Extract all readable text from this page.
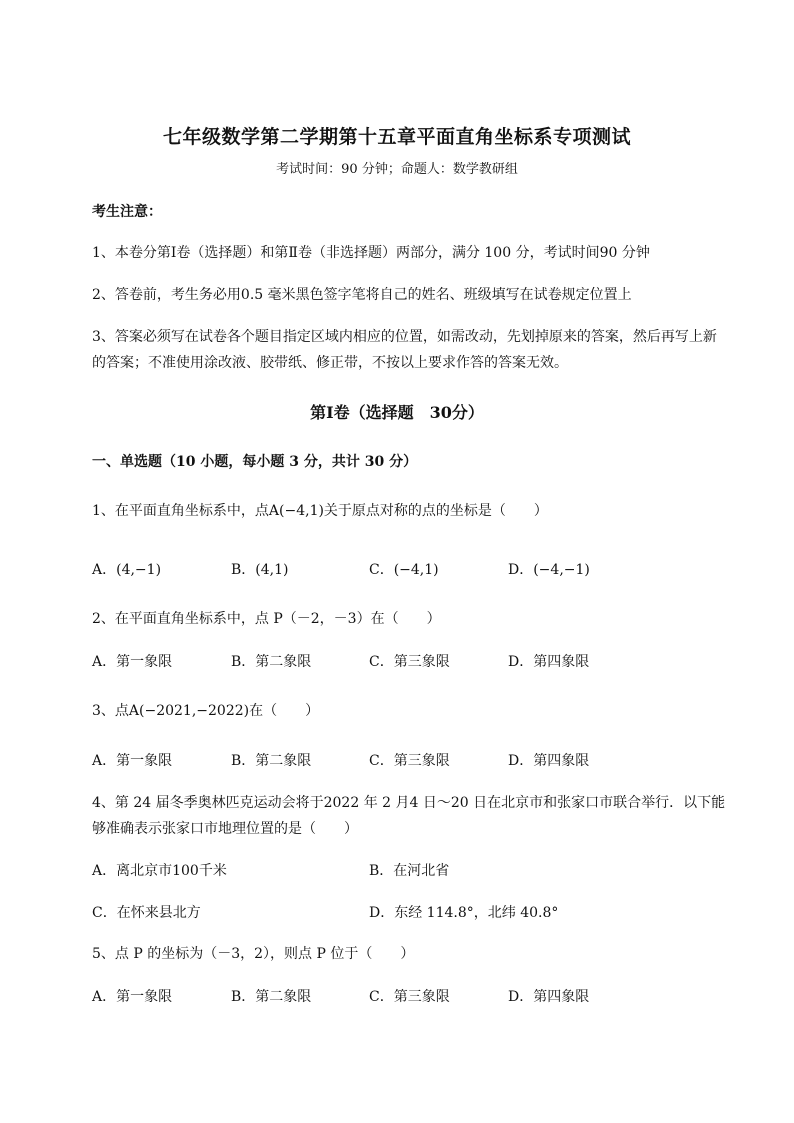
七年级数学第二学期第十五章平面直角坐标系专项测试
考试时间：90 分钟；命题人：数学教研组
考生注意：
1、本卷分第Ⅰ卷（选择题）和第Ⅱ卷（非选择题）两部分，满分 100 分，考试时间90 分钟
2、答卷前，考生务必用0.5 毫米黑色签字笔将自己的姓名、班级填写在试卷规定位置上
3、答案必须写在试卷各个题目指定区域内相应的位置，如需改动，先划掉原来的答案，然后再写上新
的答案；不准使用涂改液、胶带纸、修正带，不按以上要求作答的答案无效。
第Ⅰ卷（选择题　30分）
一、单选题（10 小题，每小题 3 分，共计 30 分）
1、在平面直角坐标系中，点A(−4,1)关于原点对称的点的坐标是（　　）
A．(4,−1)	B．(4,1)	C．(−4,1)	D．(−4,−1)
2、在平面直角坐标系中，点 P（－2，－3）在（　　）
A．第一象限	B．第二象限	C．第三象限	D．第四象限
3、点A(−2021,−2022)在（　　）
A．第一象限	B．第二象限	C．第三象限	D．第四象限
4、第 24 届冬季奥林匹克运动会将于2022 年 2 月4 日～20 日在北京市和张家口市联合举行．以下能
够准确表示张家口市地理位置的是（　　）
A．离北京市100千米	B．在河北省
C．在怀来县北方	D．东经 114.8°，北纬 40.8°
5、点 P 的坐标为（－3，2），则点 P 位于（　　）
A．第一象限	B．第二象限	C．第三象限	D．第四象限
